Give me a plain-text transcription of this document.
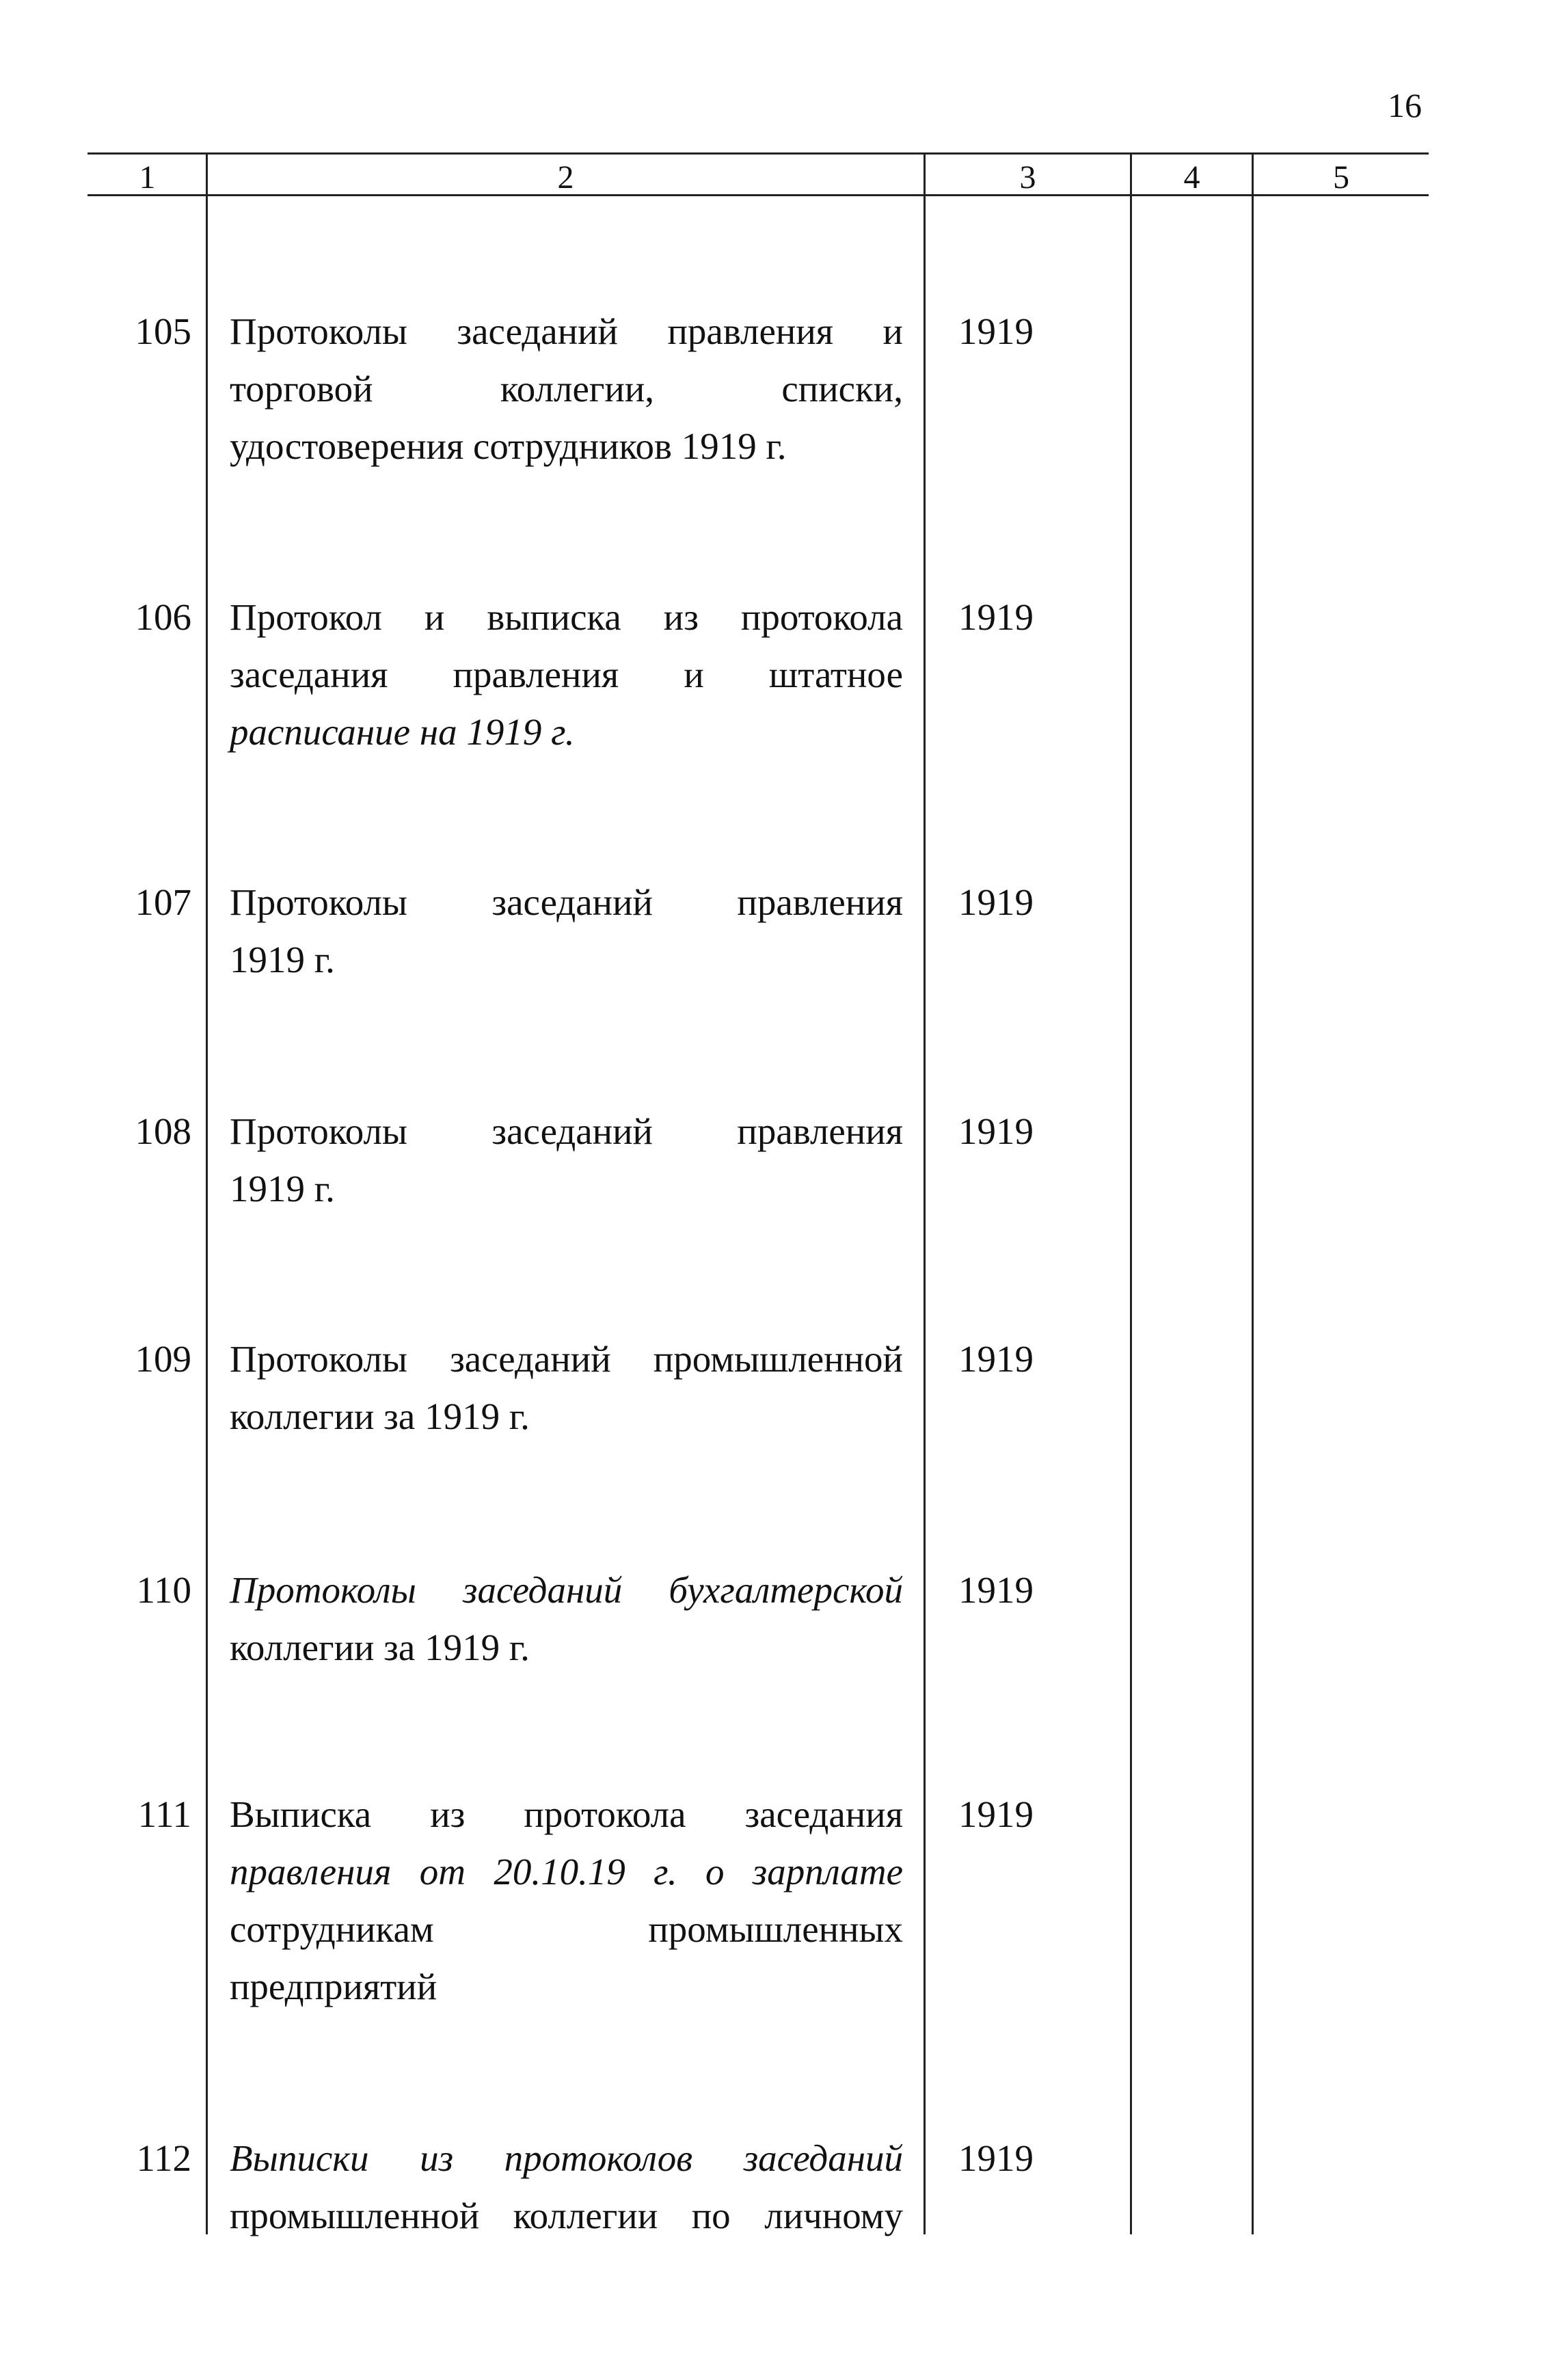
16
1	2	3	4	5
105 Протоколы заседаний правления и
торговой коллегии, списки,
удостоверения сотрудников 1919 г.
1919
106 Протокол и выписка из протокола
заседания правления и штатное
расписание на 1919 г.
1919
107 Протоколы заседаний правления
1919 г.
1919
108 Протоколы заседаний правления
1919 г.
1919
109 Протоколы заседаний промышленной
коллегии за 1919 г.
1919
110 Протоколы заседаний бухгалтерской
коллегии за 1919 г.
1919
111 Выписка из протокола заседания
правления от 20.10.19 г. о зарплате
сотрудникам промышленных
предприятий
1919
112 Выписки из протоколов заседаний
промышленной коллегии по личному
1919
